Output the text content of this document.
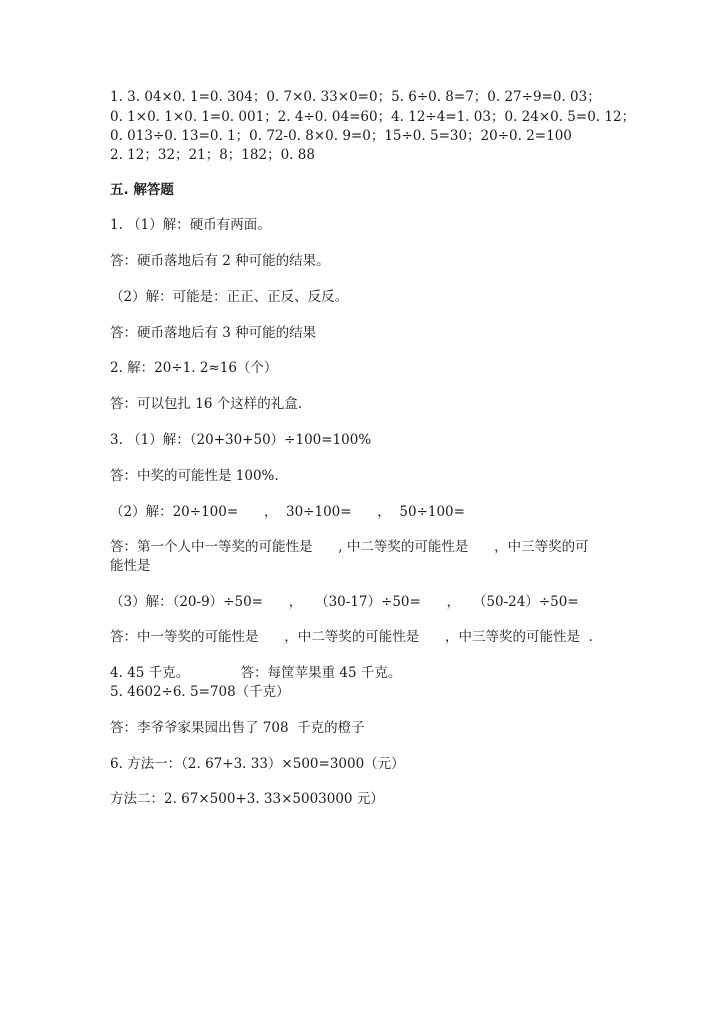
1. 3. 04×0. 1=0. 304；0. 7×0. 33×0=0；5. 6÷0. 8=7；0. 27÷9=0. 03；
0. 1×0. 1×0. 1=0. 001；2. 4÷0. 04=60；4. 12÷4=1. 03；0. 24×0. 5=0. 12；
0. 013÷0. 13=0. 1；0. 72-0. 8×0. 9=0；15÷0. 5=30；20÷0. 2=100
2. 12；32；21；8；182；0. 88
五. 解答题
1. （1）解：硬币有两面。
答：硬币落地后有 2 种可能的结果。
（2）解：可能是：正正、正反、反反。
答：硬币落地后有 3 种可能的结果
2. 解：20÷1. 2≈16（个）
答：可以包扎 16 个这样的礼盒.
3. （1）解：（20+30+50）÷100=100%
答：中奖的可能性是 100%.
（2）解：20÷100=      ，  30÷100=      ，  50÷100=
答：第一个人中一等奖的可能性是      , 中二等奖的可能性是      ，中三等奖的可
能性是
（3）解：（20-9）÷50=      ，   （30-17）÷50=      ，   （50-24）÷50=
答：中一等奖的可能性是      ，中二等奖的可能性是      ，中三等奖的可能性是  .
4. 45 千克。            答：每筐苹果重 45 千克。
5. 4602÷6. 5=708（千克）
答：李爷爷家果园出售了 708  千克的橙子
6. 方法一：（2. 67+3. 33）×500=3000（元）
方法二：2. 67×500+3. 33×5003000 元）
